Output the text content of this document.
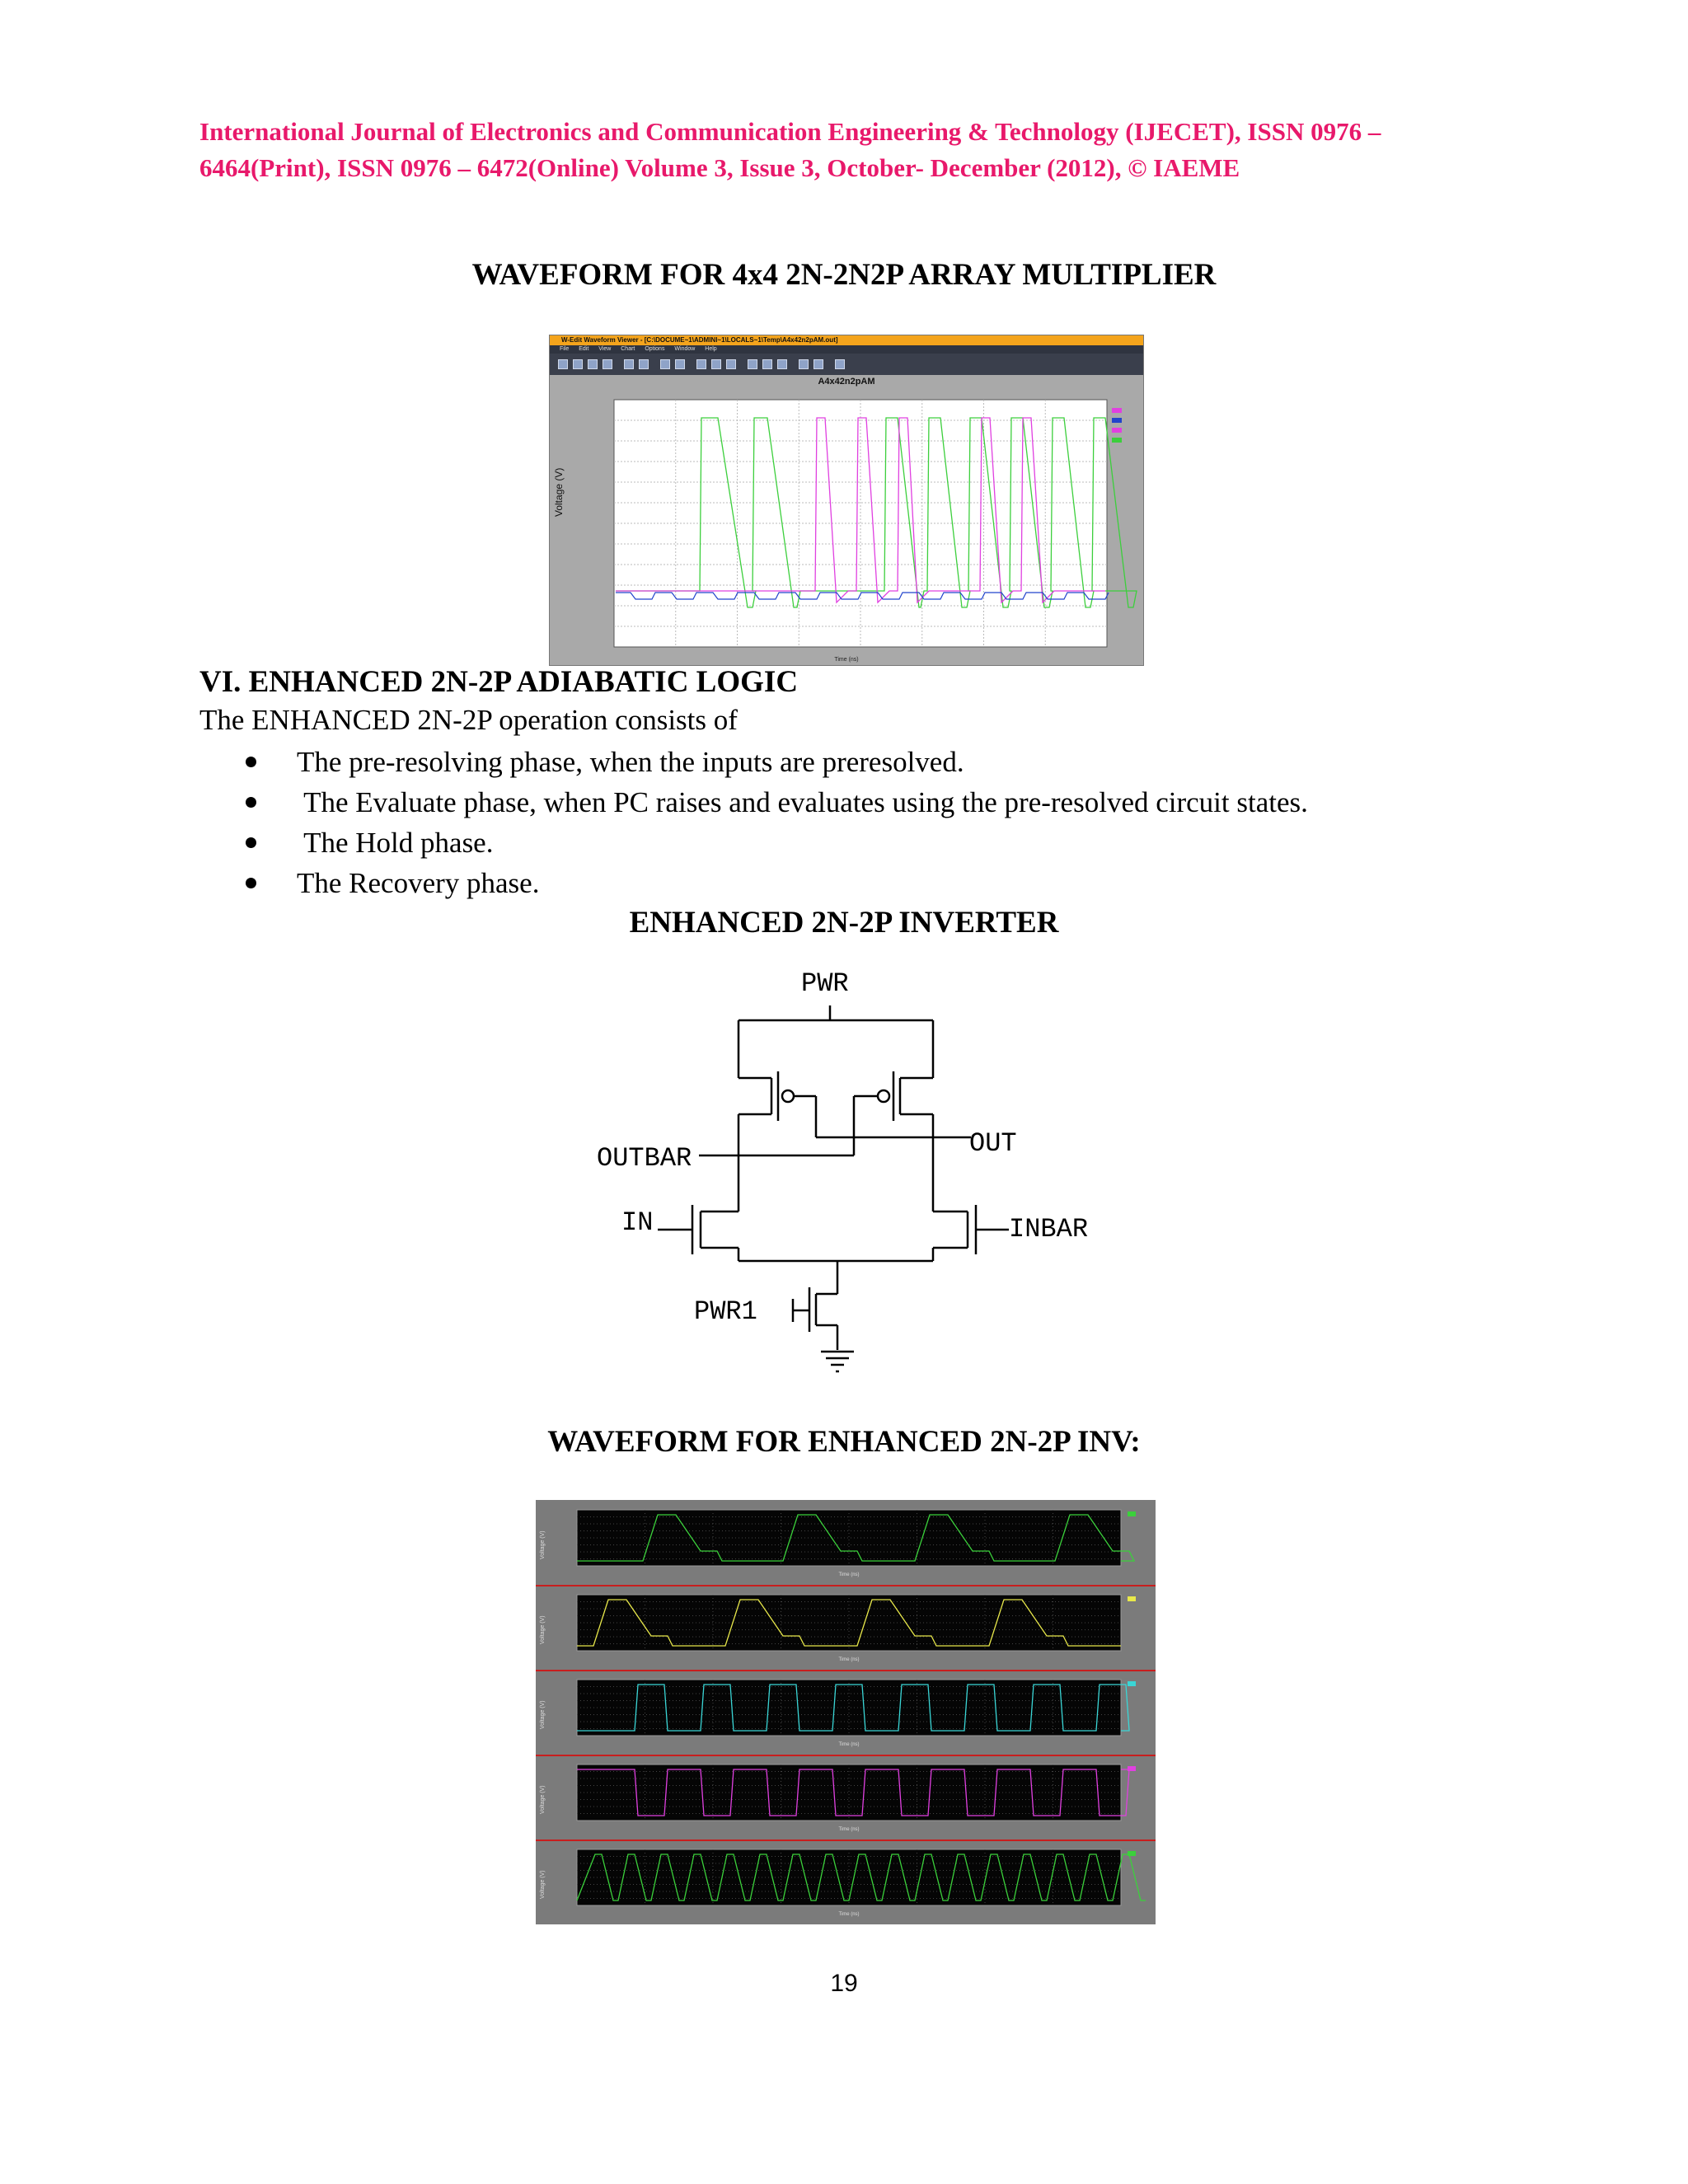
International Journal of Electronics and Communication Engineering & Technology (IJECET), ISSN 0976 –
6464(Print), ISSN 0976 – 6472(Online) Volume 3, Issue 3, October- December (2012), © IAEME
WAVEFORM FOR 4x4 2N-2N2P ARRAY MULTIPLIER
W-Edit Waveform Viewer - [C:\DOCUME~1\ADMINI~1\LOCALS~1\Temp\A4x42n2pAM.out]
File Edit View Chart Options Window Help
A4x42n2pAM
Voltage (V)
Time (ns)
VI. ENHANCED 2N-2P ADIABATIC LOGIC
The ENHANCED 2N-2P operation consists of
The pre-resolving phase, when the inputs are preresolved.
The Evaluate phase, when PC raises and evaluates using the pre-resolved circuit states.
The Hold phase.
The Recovery phase.
ENHANCED 2N-2P INVERTER
PWR
OUTBAR	OUT
IN	INBAR
PWR1
WAVEFORM FOR ENHANCED 2N-2P INV:
Voltage (V)
Time (ns)
Voltage (V)
Time (ns)
Voltage (V)
Time (ns)
Voltage (V)
Time (ns)
Voltage (V)
Time (ns)
19
